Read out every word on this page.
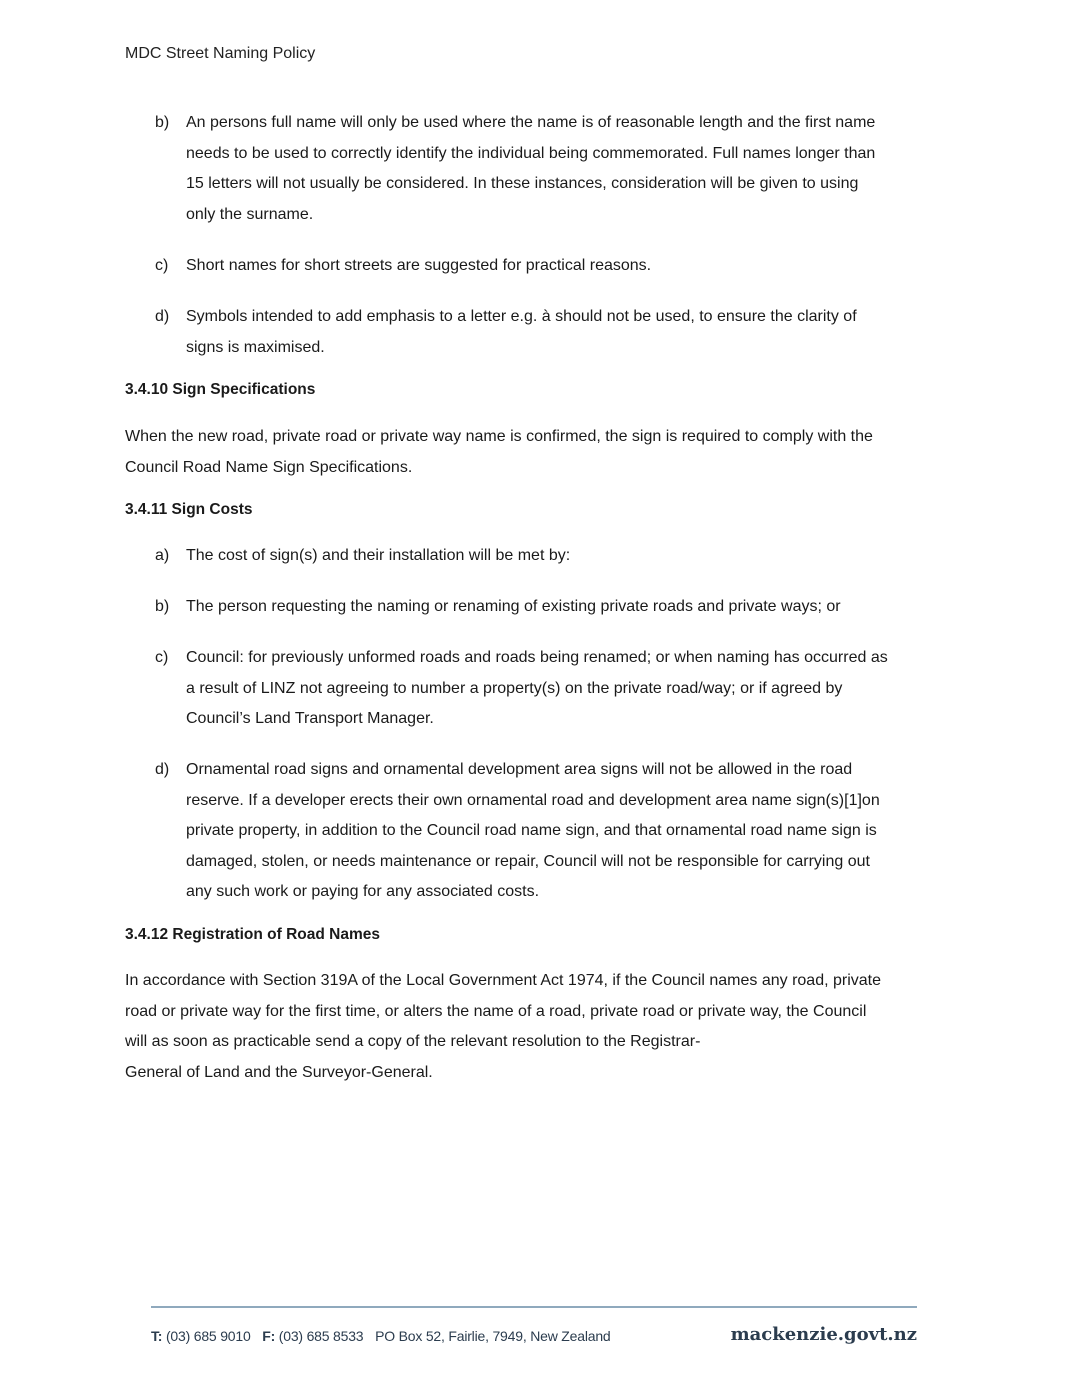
MDC Street Naming Policy
b)	An persons full name will only be used where the name is of reasonable length and the first name
needs to be used to correctly identify the individual being commemorated. Full names longer than
15 letters will not usually be considered. In these instances, consideration will be given to using
only the surname.
c)	Short names for short streets are suggested for practical reasons.
d)	Symbols intended to add emphasis to a letter e.g. à should not be used, to ensure the clarity of
signs is maximised.
3.4.10 Sign Specifications
When the new road, private road or private way name is confirmed, the sign is required to comply with the
Council Road Name Sign Specifications.
3.4.11 Sign Costs
a)	The cost of sign(s) and their installation will be met by:
b)	The person requesting the naming or renaming of existing private roads and private ways; or
c)	Council: for previously unformed roads and roads being renamed; or when naming has occurred as
a result of LINZ not agreeing to number a property(s) on the private road/way; or if agreed by
Council’s Land Transport Manager.
d)	Ornamental road signs and ornamental development area signs will not be allowed in the road
reserve. If a developer erects their own ornamental road and development area name sign(s)[1]on
private property, in addition to the Council road name sign, and that ornamental road name sign is
damaged, stolen, or needs maintenance or repair, Council will not be responsible for carrying out
any such work or paying for any associated costs.
3.4.12 Registration of Road Names
In accordance with Section 319A of the Local Government Act 1974, if the Council names any road, private
road or private way for the first time, or alters the name of a road, private road or private way, the Council
will as soon as practicable send a copy of the relevant resolution to the Registrar-
General of Land and the Surveyor-General.
T: (03) 685 9010 F: (03) 685 8533 PO Box 52, Fairlie, 7949, New Zealand	mackenzie.govt.nz
